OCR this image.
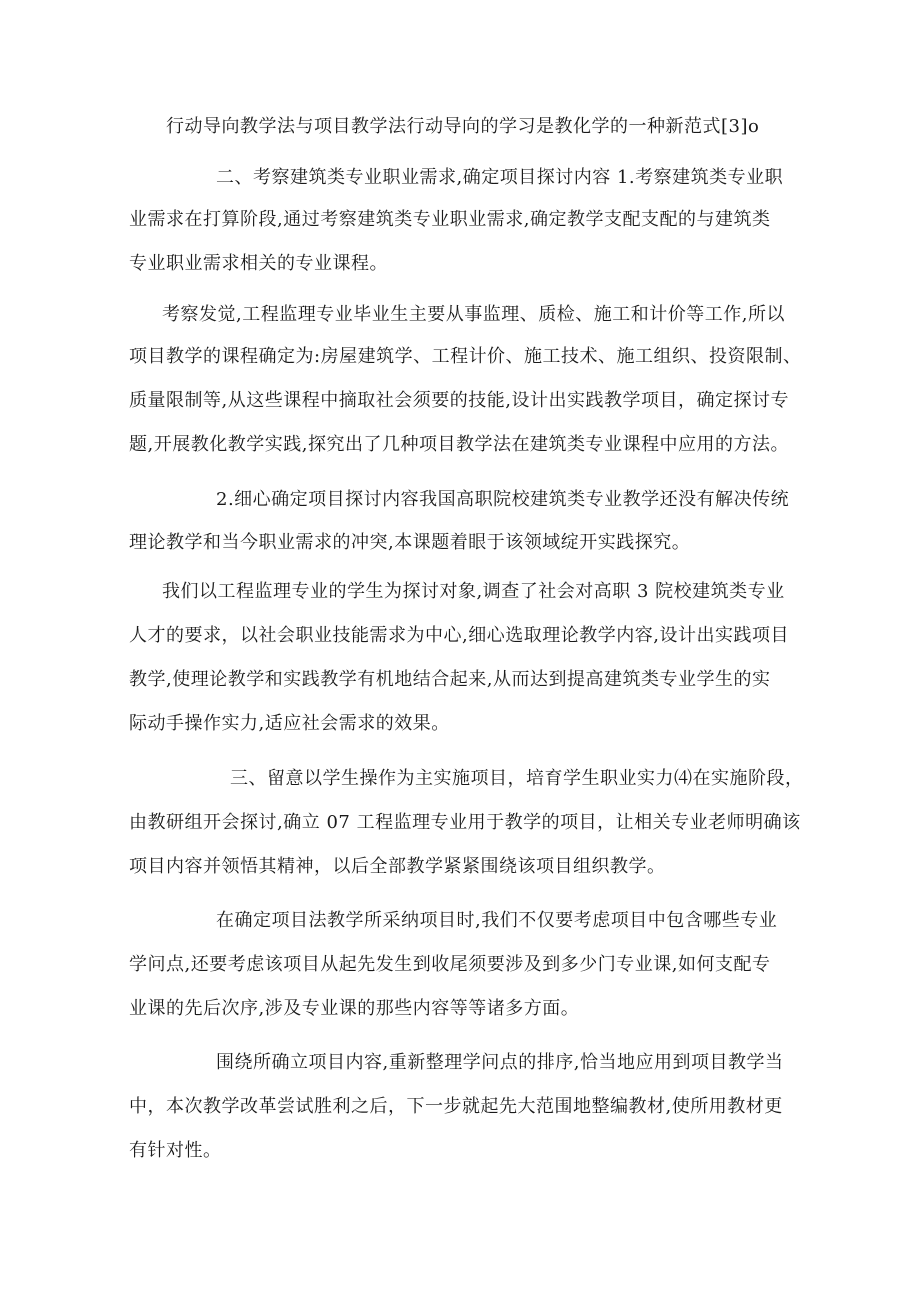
行动导向教学法与项目教学法行动导向的学习是教化学的一种新范式[3]o
二、考察建筑类专业职业需求,确定项目探讨内容 1.考察建筑类专业职
业需求在打算阶段,通过考察建筑类专业职业需求,确定教学支配支配的与建筑类
专业职业需求相关的专业课程。
考察发觉,工程监理专业毕业生主要从事监理、质检、施工和计价等工作,所以
项目教学的课程确定为:房屋建筑学、工程计价、施工技术、施工组织、投资限制、
质量限制等,从这些课程中摘取社会须要的技能,设计出实践教学项目，确定探讨专
题,开展教化教学实践,探究出了几种项目教学法在建筑类专业课程中应用的方法。
2.细心确定项目探讨内容我国高职院校建筑类专业教学还没有解决传统
理论教学和当今职业需求的冲突,本课题着眼于该领域绽开实践探究。
我们以工程监理专业的学生为探讨对象,调查了社会对高职 3 院校建筑类专业
人才的要求，以社会职业技能需求为中心,细心选取理论教学内容,设计出实践项目
教学,使理论教学和实践教学有机地结合起来,从而达到提高建筑类专业学生的实
际动手操作实力,适应社会需求的效果。
三、留意以学生操作为主实施项目，培育学生职业实力⑷在实施阶段，
由教研组开会探讨,确立 07 工程监理专业用于教学的项目，让相关专业老师明确该
项目内容并领悟其精神，以后全部教学紧紧围绕该项目组织教学。
在确定项目法教学所采纳项目时,我们不仅要考虑项目中包含哪些专业
学问点,还要考虑该项目从起先发生到收尾须要涉及到多少门专业课,如何支配专
业课的先后次序,涉及专业课的那些内容等等诸多方面。
围绕所确立项目内容,重新整理学问点的排序,恰当地应用到项目教学当
中，本次教学改革尝试胜利之后，下一步就起先大范围地整编教材,使所用教材更
有针对性。
